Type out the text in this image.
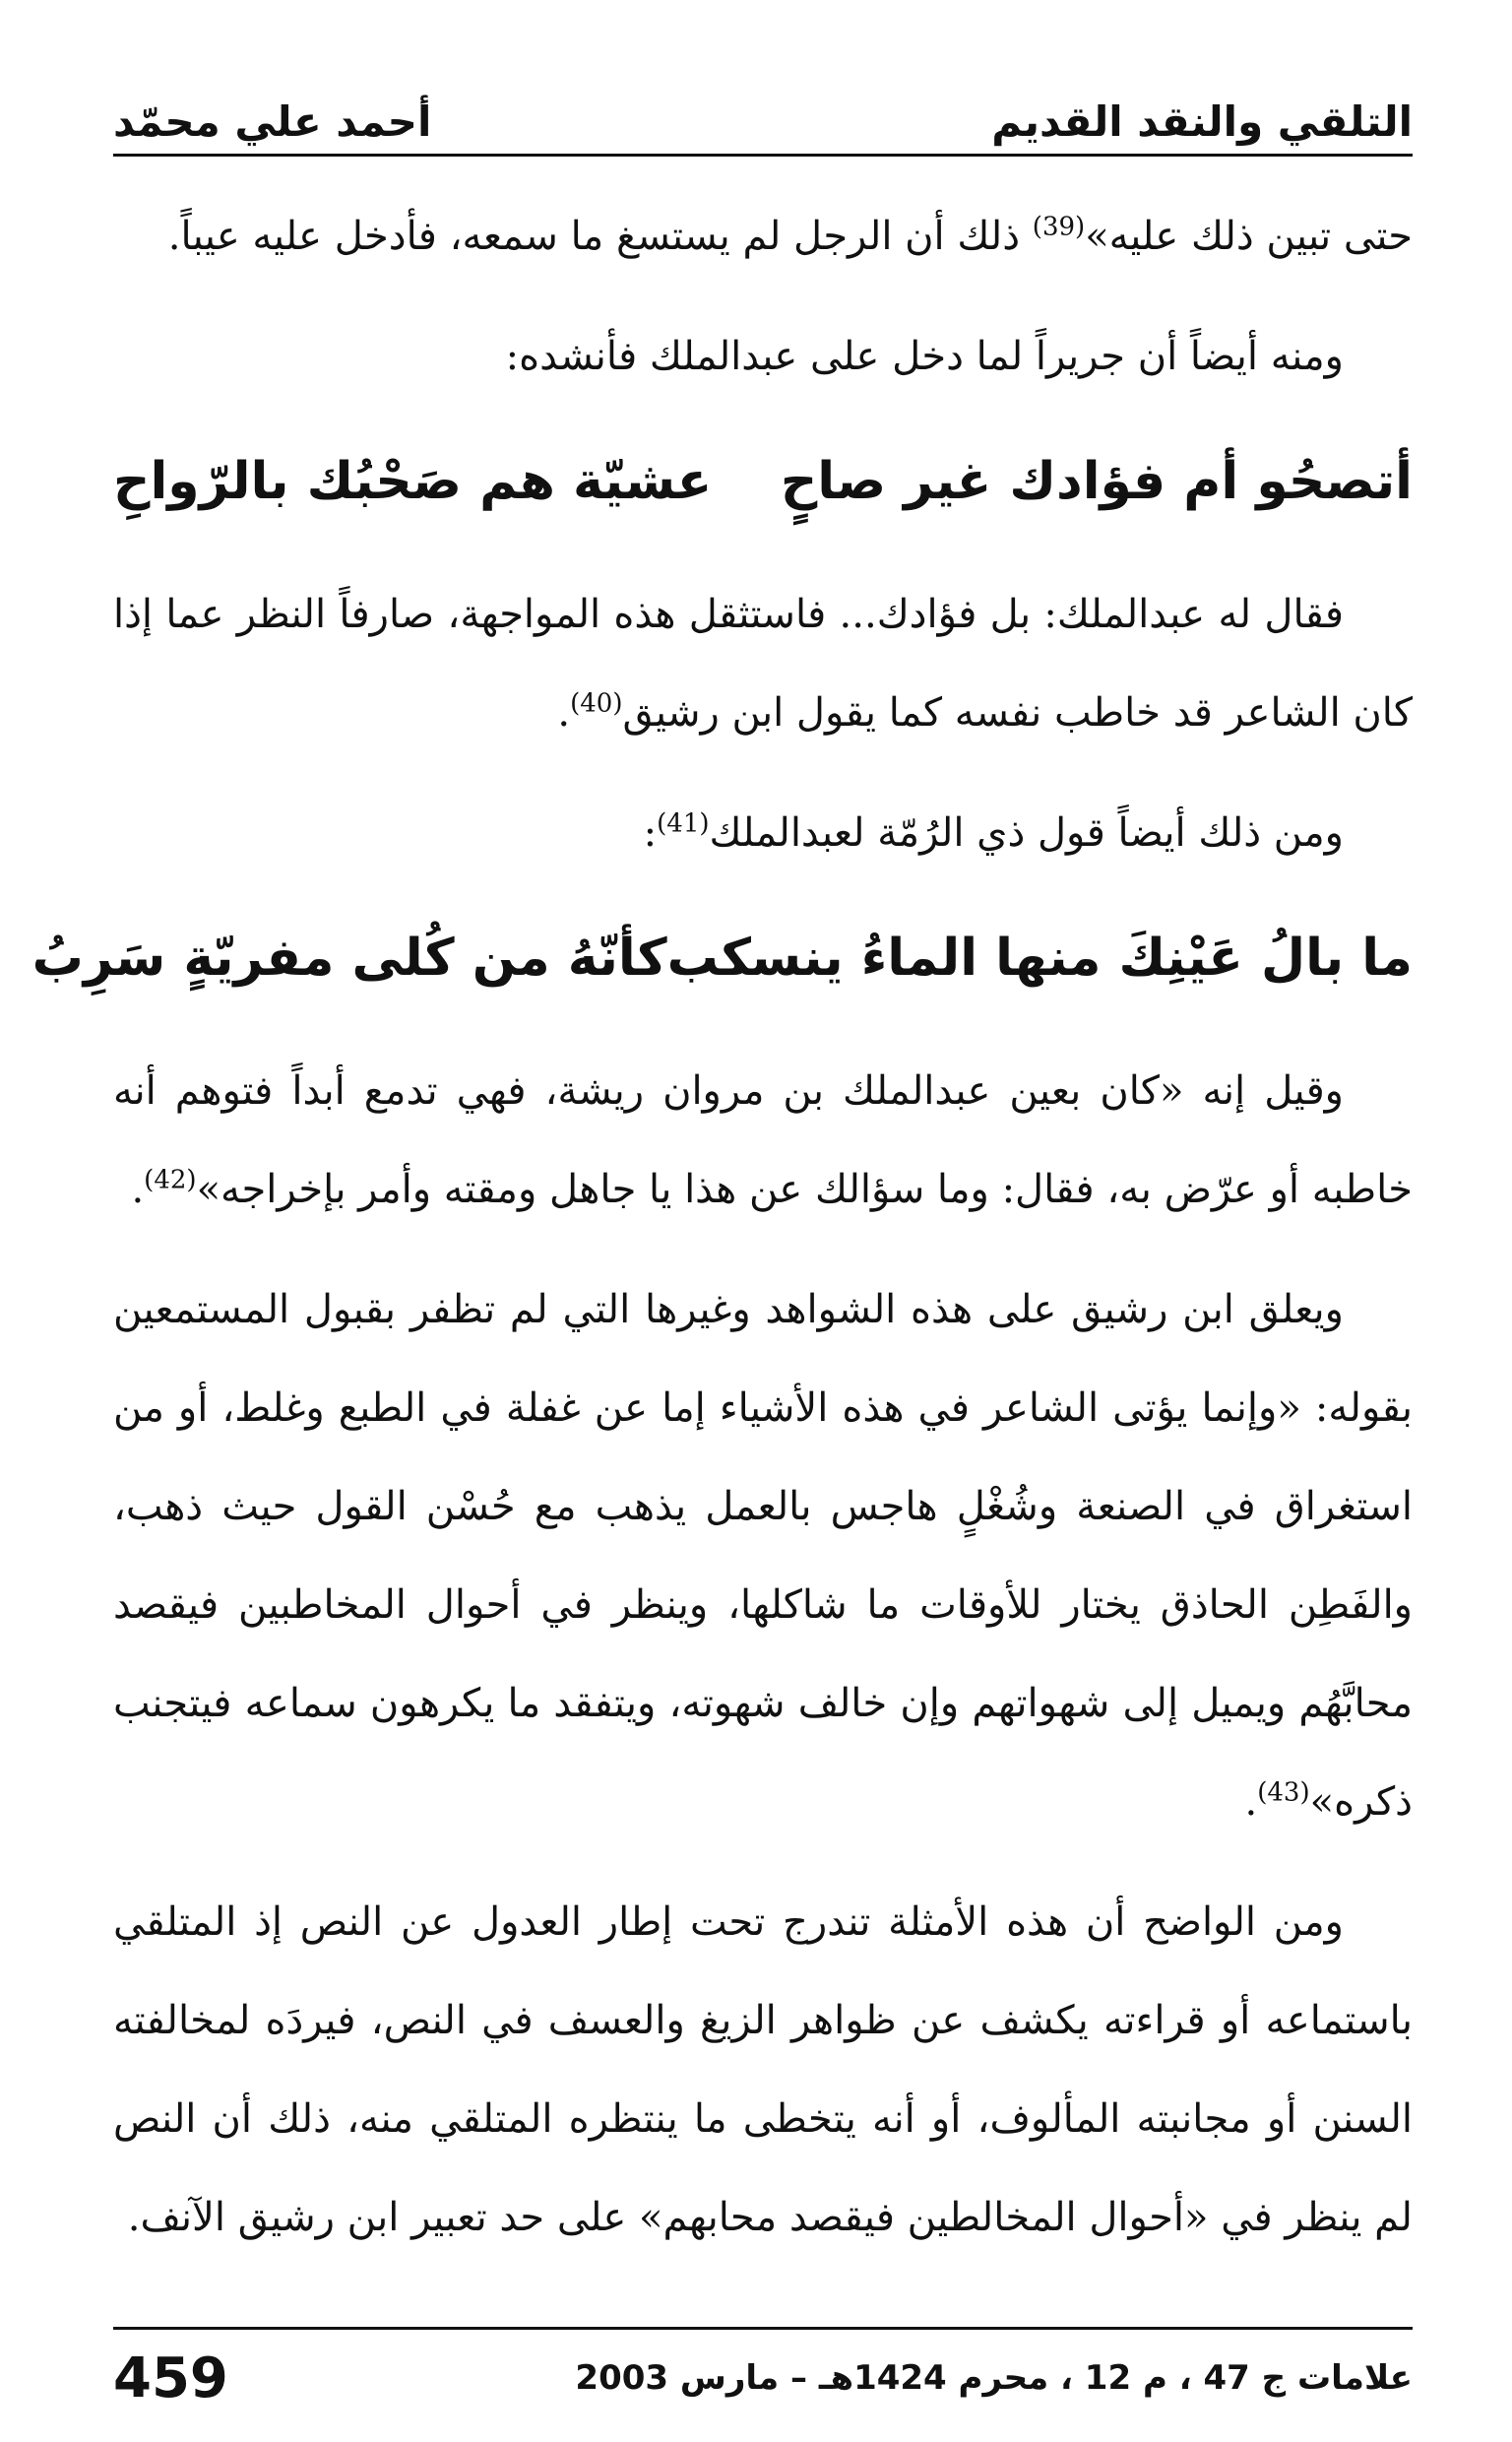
التلقي والنقد القديم
أحمد علي محمّد

حتى تبين ذلك عليه»$^{(39)}$ ذلك أن الرجل لم يستسغ ما سمعه، فأدخل عليه عيباً.

ومنه أيضاً أن جريراً لما دخل على عبدالملك فأنشده:

أتصحُو أم فؤادك غير صاحٍ
عشيّة هم صَحْبُك بالرّواحِ

فقال له عبدالملك: بل فؤادك... فاستثقل هذه المواجهة، صارفاً النظر عما إذا كان الشاعر قد خاطب نفسه كما يقول ابن رشيق$^{(40)}$.

ومن ذلك أيضاً قول ذي الرُمّة لعبدالملك$^{(41)}$:

ما بالُ عَيْنِكَ منها الماءُ ينسكب
كأنّهُ من كُلى مفريّةٍ سَرِبُ

وقيل إنه «كان بعين عبدالملك بن مروان ريشة، فهي تدمع أبداً فتوهم أنه خاطبه أو عرّض به، فقال: وما سؤالك عن هذا يا جاهل ومقته وأمر بإخراجه»$^{(42)}$.

ويعلق ابن رشيق على هذه الشواهد وغيرها التي لم تظفر بقبول المستمعين بقوله: «وإنما يؤتى الشاعر في هذه الأشياء إما عن غفلة في الطبع وغلط، أو من استغراق في الصنعة وشُغْلٍ هاجس بالعمل يذهب مع حُسْن القول حيث ذهب، والفَطِن الحاذق يختار للأوقات ما شاكلها، وينظر في أحوال المخاطبين فيقصد محابَّهُم ويميل إلى شهواتهم وإن خالف شهوته، ويتفقد ما يكرهون سماعه فيتجنب ذكره»$^{(43)}$.

ومن الواضح أن هذه الأمثلة تندرج تحت إطار العدول عن النص إذ المتلقي باستماعه أو قراءته يكشف عن ظواهر الزيغ والعسف في النص، فيردَه لمخالفته السنن أو مجانبته المألوف، أو أنه يتخطى ما ينتظره المتلقي منه، ذلك أن النص لم ينظر في «أحوال المخالطين فيقصد محابهم» على حد تعبير ابن رشيق الآنف.

علامات ج 47 ، م 12 ، محرم 1424هـ – مارس 2003
459
